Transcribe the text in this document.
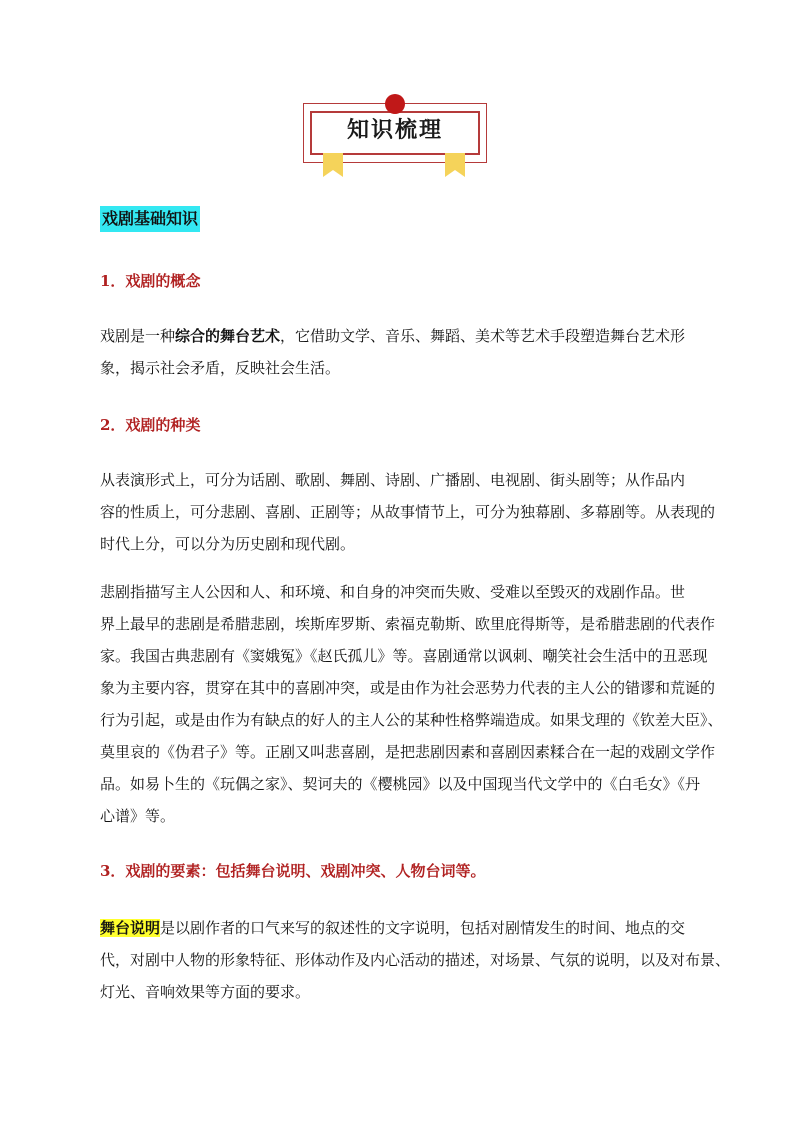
知识梳理
戏剧基础知识
1．戏剧的概念
戏剧是一种综合的舞台艺术，它借助文学、音乐、舞蹈、美术等艺术手段塑造舞台艺术形
象，揭示社会矛盾，反映社会生活。
2．戏剧的种类
从表演形式上，可分为话剧、歌剧、舞剧、诗剧、广播剧、电视剧、街头剧等；从作品内
容的性质上，可分悲剧、喜剧、正剧等；从故事情节上，可分为独幕剧、多幕剧等。从表现的
时代上分，可以分为历史剧和现代剧。
悲剧指描写主人公因和人、和环境、和自身的冲突而失败、受难以至毁灭的戏剧作品。世
界上最早的悲剧是希腊悲剧，埃斯库罗斯、索福克勒斯、欧里庇得斯等，是希腊悲剧的代表作
家。我国古典悲剧有《窦娥冤》《赵氏孤儿》等。喜剧通常以讽刺、嘲笑社会生活中的丑恶现
象为主要内容，贯穿在其中的喜剧冲突，或是由作为社会恶势力代表的主人公的错谬和荒诞的
行为引起，或是由作为有缺点的好人的主人公的某种性格弊端造成。如果戈理的《钦差大臣》、
莫里哀的《伪君子》等。正剧又叫悲喜剧，是把悲剧因素和喜剧因素糅合在一起的戏剧文学作
品。如易卜生的《玩偶之家》、契诃夫的《樱桃园》以及中国现当代文学中的《白毛女》《丹
心谱》等。
3．戏剧的要素：包括舞台说明、戏剧冲突、人物台词等。
舞台说明是以剧作者的口气来写的叙述性的文字说明，包括对剧情发生的时间、地点的交
代，对剧中人物的形象特征、形体动作及内心活动的描述，对场景、气氛的说明，以及对布景、
灯光、音响效果等方面的要求。
